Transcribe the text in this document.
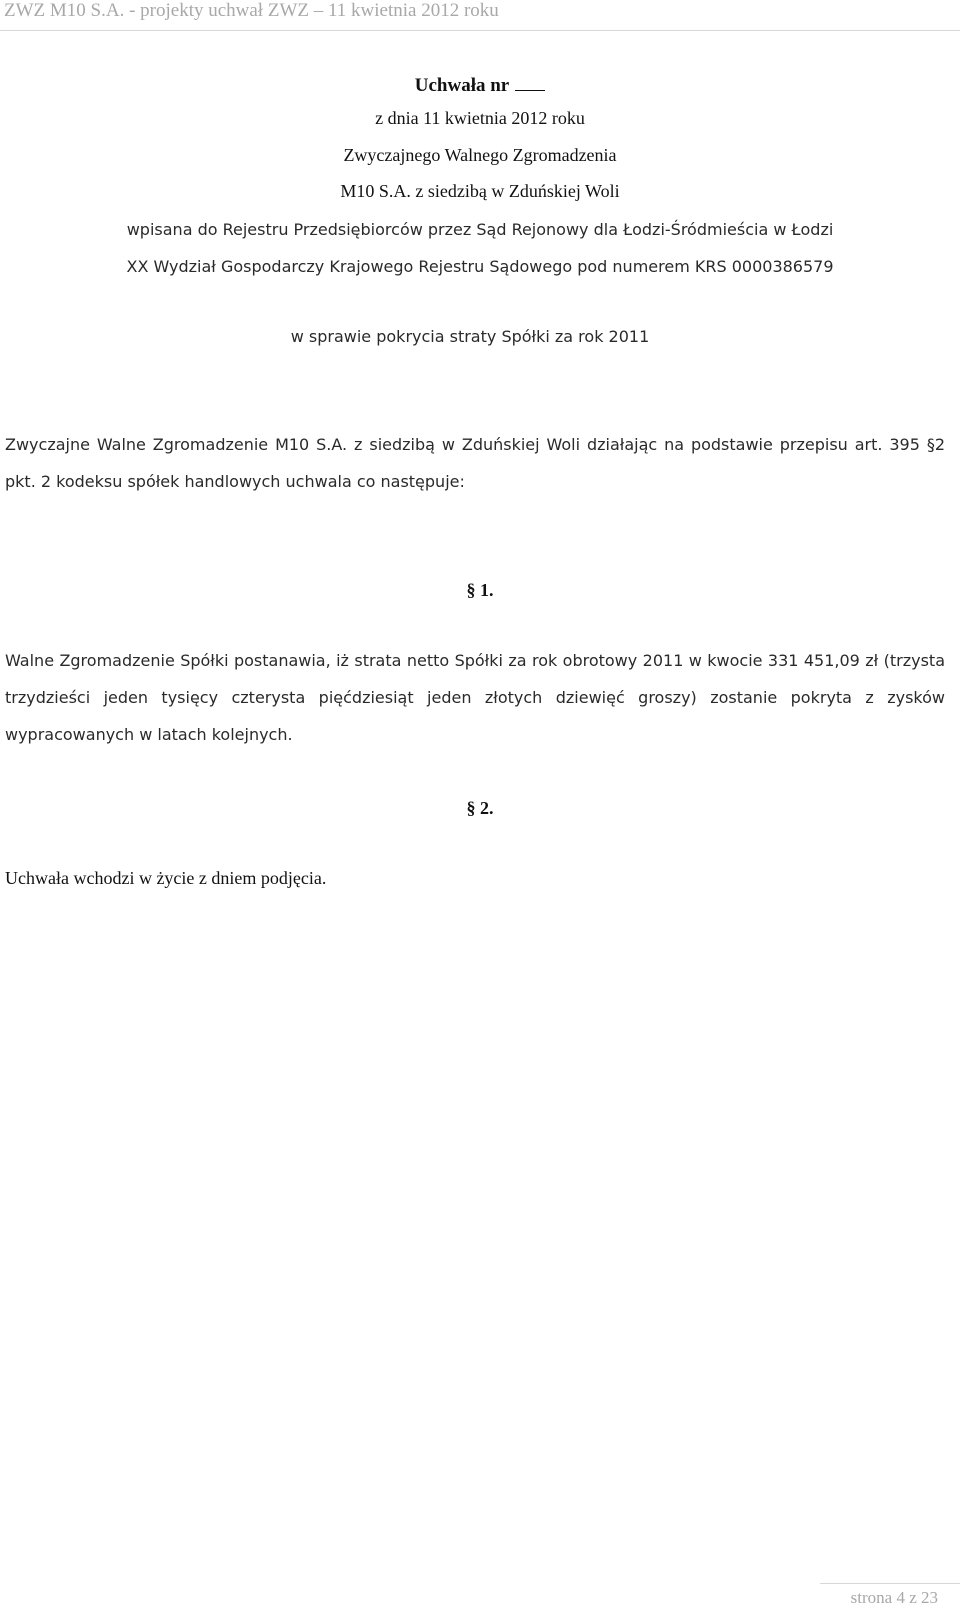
ZWZ M10 S.A. - projekty uchwał ZWZ – 11 kwietnia 2012 roku
Uchwała nr
z dnia 11 kwietnia 2012 roku
Zwyczajnego Walnego Zgromadzenia
M10 S.A. z siedzibą w Zduńskiej Woli
wpisana do Rejestru Przedsiębiorców przez Sąd Rejonowy dla Łodzi-Śródmieścia w Łodzi
XX Wydział Gospodarczy Krajowego Rejestru Sądowego pod numerem KRS 0000386579
w sprawie pokrycia straty Spółki za rok 2011
Zwyczajne Walne Zgromadzenie M10 S.A. z siedzibą w Zduńskiej Woli działając na podstawie przepisu art. 395 §2 pkt. 2 kodeksu spółek handlowych uchwala co następuje:
§ 1.
Walne Zgromadzenie Spółki postanawia, iż strata netto Spółki za rok obrotowy 2011 w kwocie 331 451,09 zł (trzysta trzydzieści jeden tysięcy czterysta pięćdziesiąt jeden złotych dziewięć groszy) zostanie pokryta z zysków wypracowanych w latach kolejnych.
§ 2.
Uchwała wchodzi w życie z dniem podjęcia.
strona 4 z 23
